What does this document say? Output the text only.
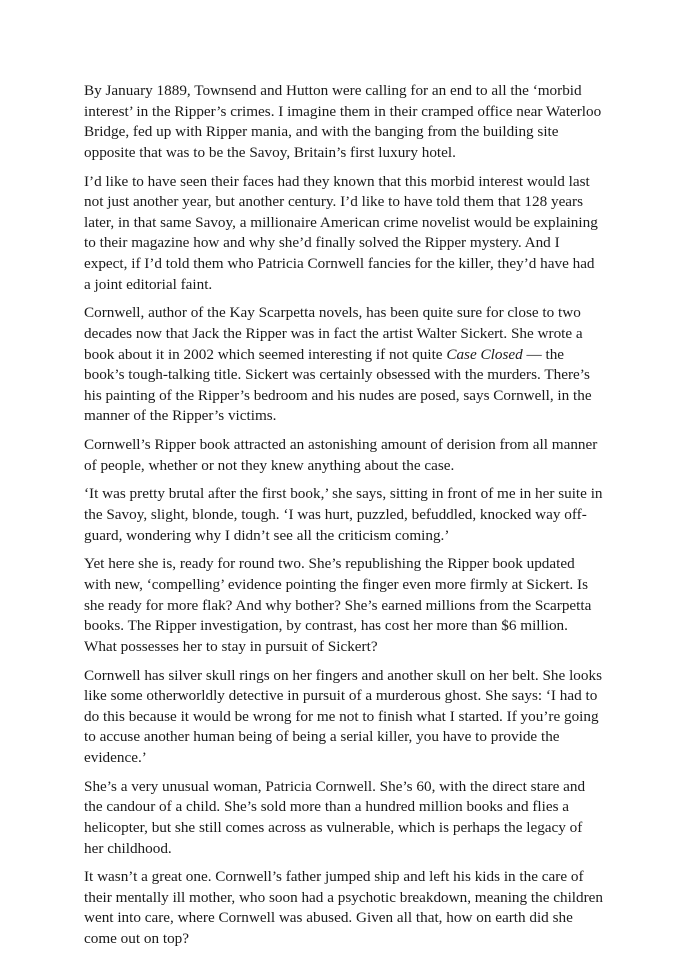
By January 1889, Townsend and Hutton were calling for an end to all the ‘morbid interest’ in the Ripper’s crimes. I imagine them in their cramped office near Waterloo Bridge, fed up with Ripper mania, and with the banging from the building site opposite that was to be the Savoy, Britain’s first luxury hotel.

I’d like to have seen their faces had they known that this morbid interest would last not just another year, but another century. I’d like to have told them that 128 years later, in that same Savoy, a millionaire American crime novelist would be explaining to their magazine how and why she’d finally solved the Ripper mystery. And I expect, if I’d told them who Patricia Cornwell fancies for the killer, they’d have had a joint editorial faint.

Cornwell, author of the Kay Scarpetta novels, has been quite sure for close to two decades now that Jack the Ripper was in fact the artist Walter Sickert. She wrote a book about it in 2002 which seemed interesting if not quite Case Closed — the book’s tough-talking title. Sickert was certainly obsessed with the murders. There’s his painting of the Ripper’s bedroom and his nudes are posed, says Cornwell, in the manner of the Ripper’s victims.

Cornwell’s Ripper book attracted an astonishing amount of derision from all manner of people, whether or not they knew anything about the case.

‘It was pretty brutal after the first book,’ she says, sitting in front of me in her suite in the Savoy, slight, blonde, tough. ‘I was hurt, puzzled, befuddled, knocked way off-guard, wondering why I didn’t see all the criticism coming.’

Yet here she is, ready for round two. She’s republishing the Ripper book updated with new, ‘compelling’ evidence pointing the finger even more firmly at Sickert. Is she ready for more flak? And why bother? She’s earned millions from the Scarpetta books. The Ripper investigation, by contrast, has cost her more than $6 million. What possesses her to stay in pursuit of Sickert?

Cornwell has silver skull rings on her fingers and another skull on her belt. She looks like some otherworldly detective in pursuit of a murderous ghost. She says: ‘I had to do this because it would be wrong for me not to finish what I started. If you’re going to accuse another human being of being a serial killer, you have to provide the evidence.’

She’s a very unusual woman, Patricia Cornwell. She’s 60, with the direct stare and the candour of a child. She’s sold more than a hundred million books and flies a helicopter, but she still comes across as vulnerable, which is perhaps the legacy of her childhood.

It wasn’t a great one. Cornwell’s father jumped ship and left his kids in the care of their mentally ill mother, who soon had a psychotic breakdown, meaning the children went into care, where Cornwell was abused. Given all that, how on earth did she come out on top?
